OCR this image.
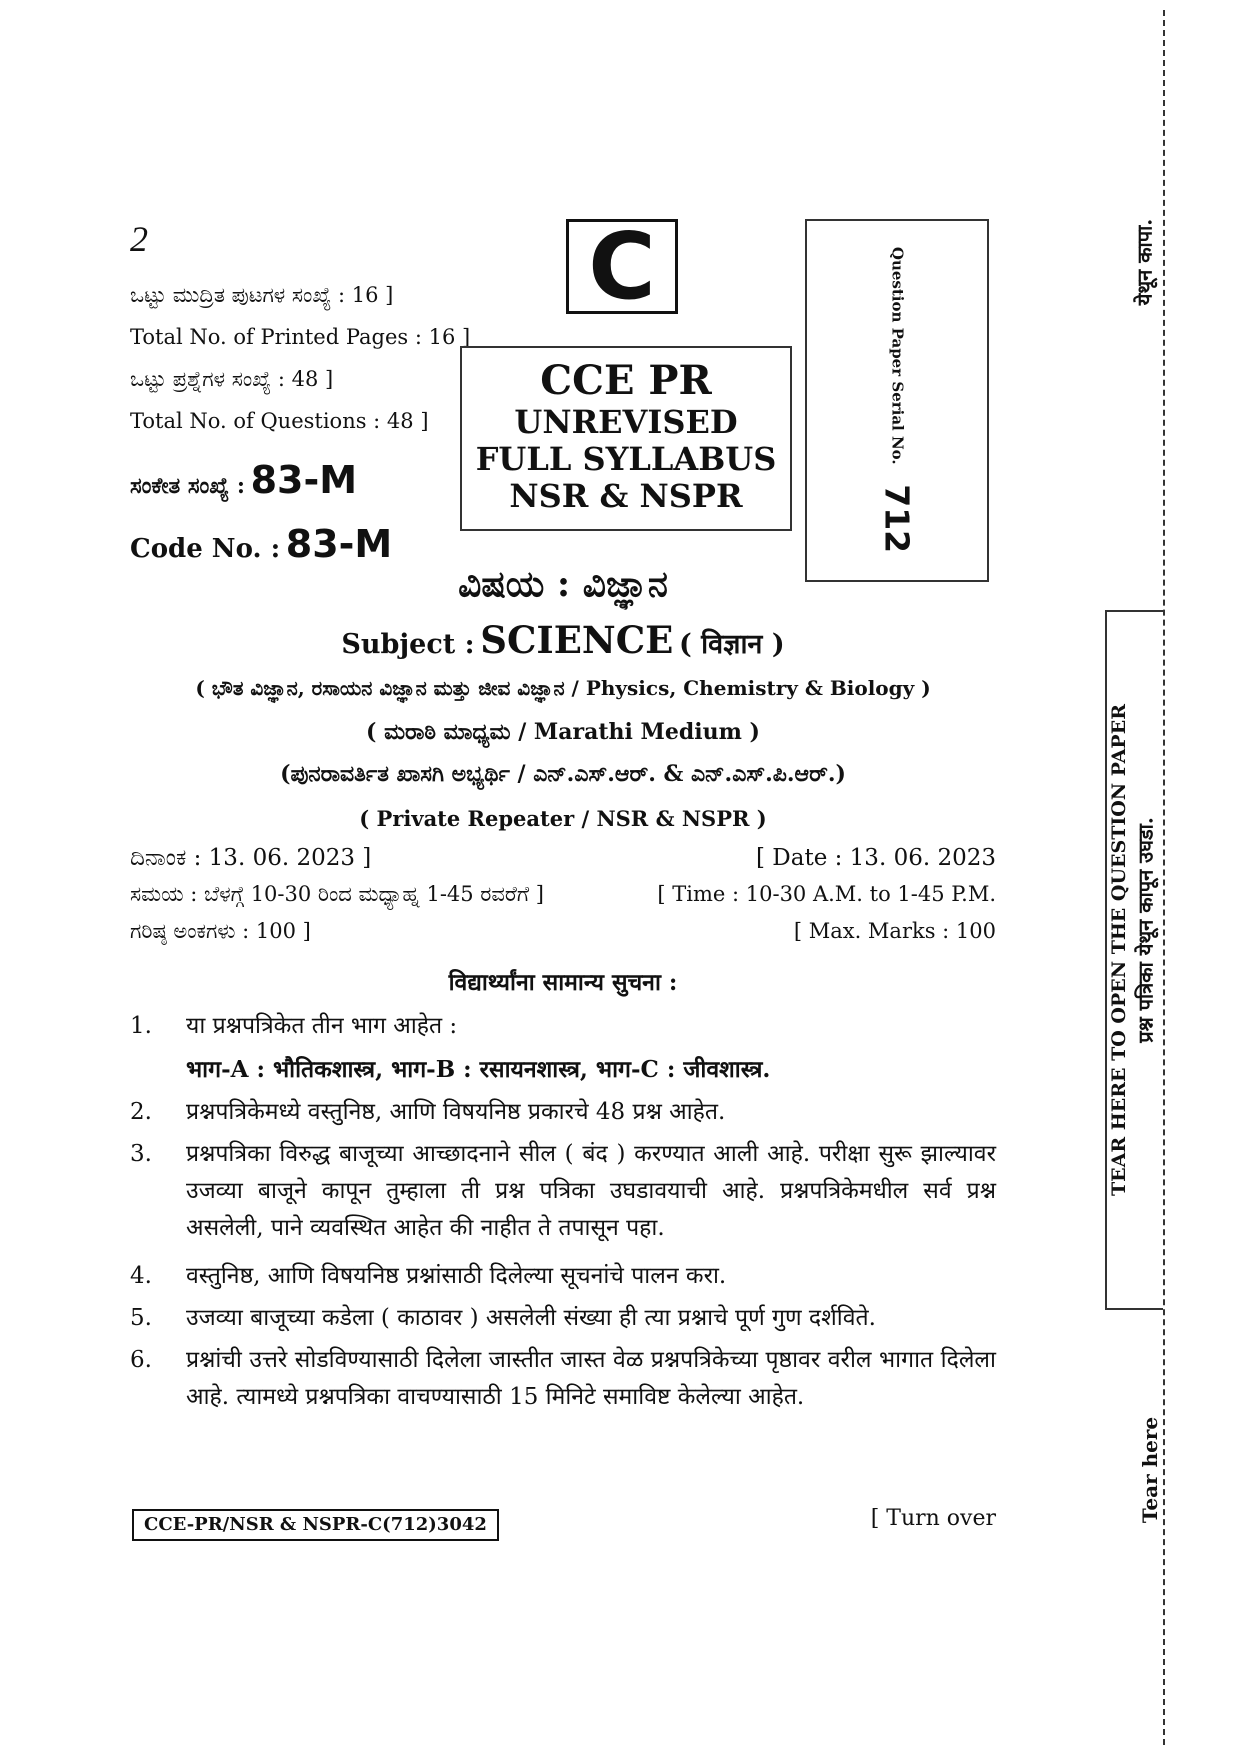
2
ಒಟ್ಟು ಮುದ್ರಿತ ಪುಟಗಳ ಸಂಖ್ಯೆ : 16 ]
Total No. of Printed Pages : 16 ]
ಒಟ್ಟು ಪ್ರಶ್ನೆಗಳ ಸಂಖ್ಯೆ : 48 ]
Total No. of Questions : 48 ]
ಸಂಕೇತ ಸಂಖ್ಯೆ : 83-M
Code No. : 83-M
C
CCE PR
UNREVISED
FULL SYLLABUS
NSR & NSPR
Question Paper Serial No. 712
ವಿಷಯ : ವಿಜ್ಞಾನ
Subject : SCIENCE ( विज्ञान )
( ಭೌತ ವಿಜ್ಞಾನ, ರಸಾಯನ ವಿಜ್ಞಾನ ಮತ್ತು ಜೀವ ವಿಜ್ಞಾನ / Physics, Chemistry & Biology )
( ಮರಾಠಿ ಮಾಧ್ಯಮ / Marathi Medium )
(ಪುನರಾವರ್ತಿತ ಖಾಸಗಿ ಅಭ್ಯರ್ಥಿ / ಎನ್.ಎಸ್.ಆರ್. & ಎನ್.ಎಸ್.ಪಿ.ಆರ್.)
( Private Repeater / NSR & NSPR )
ದಿನಾಂಕ : 13. 06. 2023 ]	[ Date : 13. 06. 2023
ಸಮಯ : ಬೆಳಗ್ಗೆ 10-30 ರಿಂದ ಮಧ್ಯಾಹ್ನ 1-45 ರವರೆಗೆ ]	[ Time : 10-30 A.M. to 1-45 P.M.
ಗರಿಷ್ಠ ಅಂಕಗಳು : 100 ]	[ Max. Marks : 100
विद्यार्थ्यांना सामान्य सुचना :
1.	या प्रश्नपत्रिकेत तीन भाग आहेत :
भाग-A : भौतिकशास्त्र, भाग-B : रसायनशास्त्र, भाग-C : जीवशास्त्र.
2.	प्रश्नपत्रिकेमध्ये वस्तुनिष्ठ, आणि विषयनिष्ठ प्रकारचे 48 प्रश्न आहेत.
3.	प्रश्नपत्रिका विरुद्ध बाजूच्या आच्छादनाने सील ( बंद ) करण्यात आली आहे. परीक्षा सुरू झाल्यावर उजव्या बाजूने कापून तुम्हाला ती प्रश्न पत्रिका उघडावयाची आहे. प्रश्नपत्रिकेमधील सर्व प्रश्न असलेली, पाने व्यवस्थित आहेत की नाहीत ते तपासून पहा.
4.	वस्तुनिष्ठ, आणि विषयनिष्ठ प्रश्नांसाठी दिलेल्या सूचनांचे पालन करा.
5.	उजव्या बाजूच्या कडेला ( काठावर ) असलेली संख्या ही त्या प्रश्नाचे पूर्ण गुण दर्शविते.
6.	प्रश्नांची उत्तरे सोडविण्यासाठी दिलेला जास्तीत जास्त वेळ प्रश्नपत्रिकेच्या पृष्ठावर वरील भागात दिलेला आहे. त्यामध्ये प्रश्नपत्रिका वाचण्यासाठी 15 मिनिटे समाविष्ट केलेल्या आहेत.
CCE-PR/NSR & NSPR-C(712)3042	[ Turn over
येथून कापा.
TEAR HERE TO OPEN THE QUESTION PAPER प्रश्न पत्रिका येथून कापून उघडा.
Tear here
